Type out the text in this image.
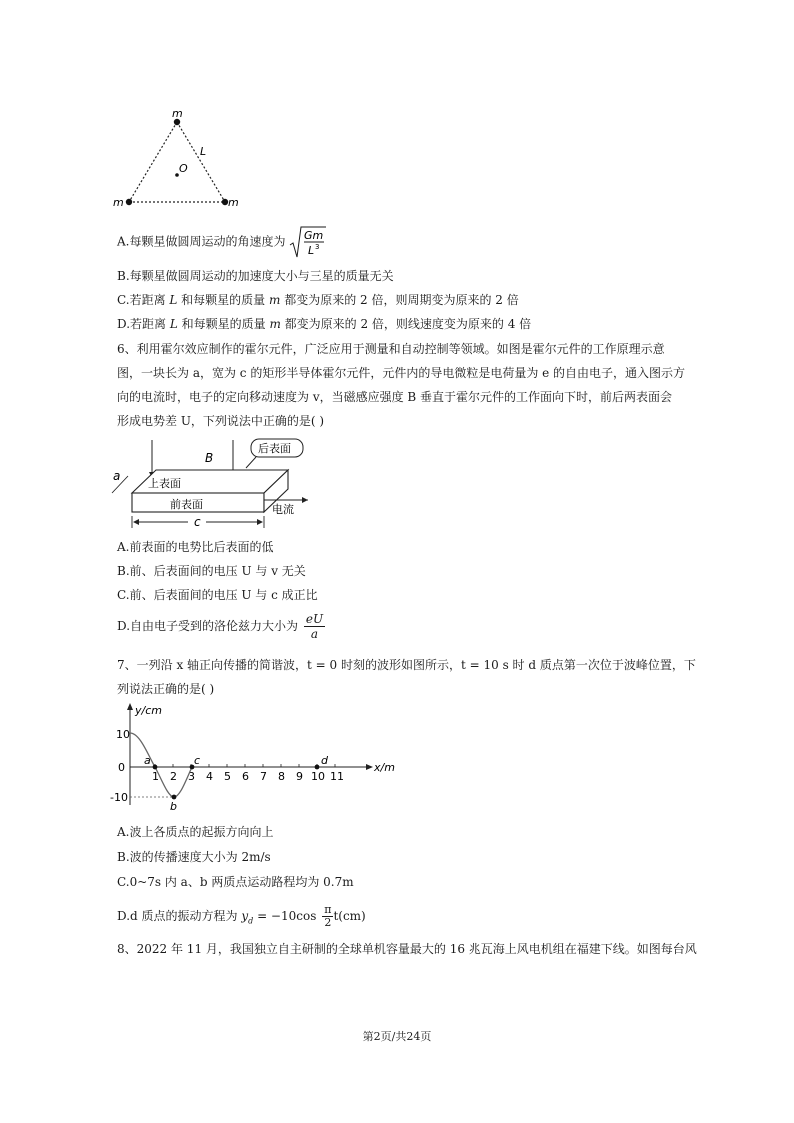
m
L
O
m	m
A.每颗星做圆周运动的角速度为 Gm
L 3
B.每颗星做圆周运动的加速度大小与三星的质量无关
C.若距离 L 和每颗星的质量 m 都变为原来的 2 倍，则周期变为原来的 2 倍
D.若距离 L 和每颗星的质量 m 都变为原来的 2 倍，则线速度变为原来的 4 倍
6、利用霍尔效应制作的霍尔元件，广泛应用于测量和自动控制等领域。如图是霍尔元件的工作原理示意
图，一块长为 a，宽为 c 的矩形半导体霍尔元件，元件内的导电微粒是电荷量为 e 的自由电子，通入图示方
向的电流时，电子的定向移动速度为 v，当磁感应强度 B 垂直于霍尔元件的工作面向下时，前后两表面会
形成电势差 U，下列说法中正确的是( )
B
后表面
上表面
前表面
a
电流
c
A.前表面的电势比后表面的低
B.前、后表面间的电压 U 与 v 无关
C.前、后表面间的电压 U 与 c 成正比
D.自由电子受到的洛伦兹力大小为 $\frac{eU}{a}$
7、一列沿 x 轴正向传播的简谐波，t = 0 时刻的波形如图所示，t = 10 s 时 d 质点第一次位于波峰位置，下
列说法正确的是( )
y/cm
x/m
10
0
-10
1 2 3 4 5 6 7 8 9 10 11
a
b
c	d
A.波上各质点的起振方向向上
B.波的传播速度大小为 2m/s
C.0~7s 内 a、b 两质点运动路程均为 0.7m
D.d 质点的振动方程为 $y_d = -10\cos \frac{\pi}{2} t(cm)$
8、2022 年 11 月，我国独立自主研制的全球单机容量最大的 16 兆瓦海上风电机组在福建下线。如图每台风
第2页/共24页
